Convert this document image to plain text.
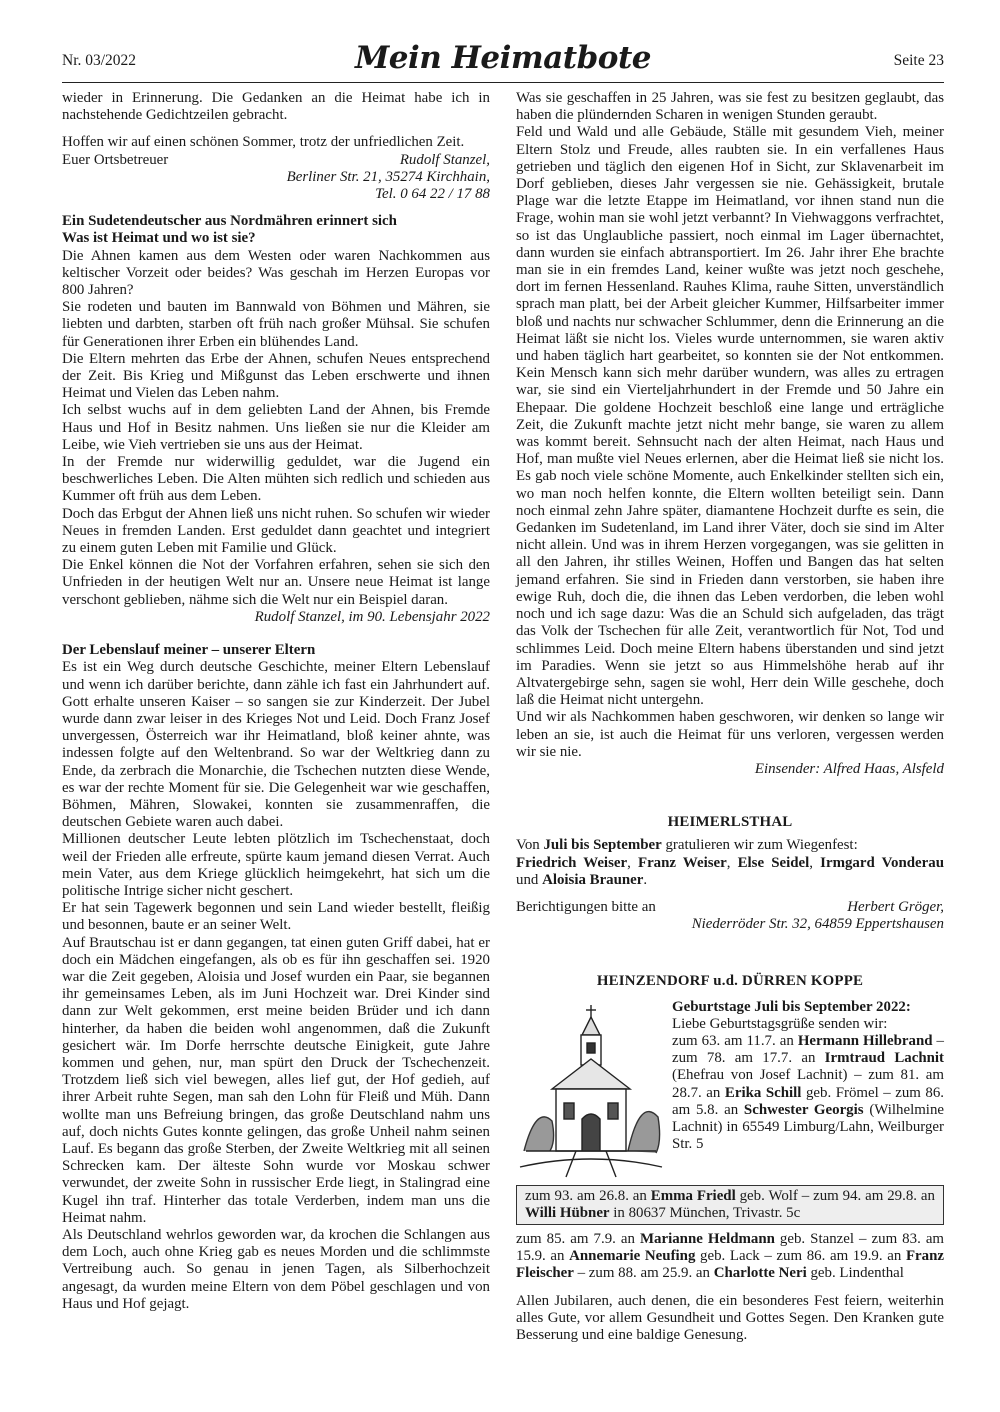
Nr. 03/2022	Mein Heimatbote	Seite 23

wieder in Erinnerung. Die Gedanken an die Heimat habe ich in nachstehende Gedichtzeilen gebracht.

Hoffen wir auf einen schönen Sommer, trotz der unfriedlichen Zeit.

Euer Ortsbetreuer	Rudolf Stanzel,

Berliner Str. 21, 35274 Kirchhain,

Tel. 0 64 22 / 17 88

Ein Sudetendeutscher aus Nordmähren erinnert sich

Was ist Heimat und wo ist sie?

Die Ahnen kamen aus dem Westen oder waren Nachkommen aus keltischer Vorzeit oder beides? Was geschah im Herzen Europas vor 800 Jahren?

Sie rodeten und bauten im Bannwald von Böhmen und Mähren, sie liebten und darbten, starben oft früh nach großer Mühsal. Sie schufen für Generationen ihrer Erben ein blühendes Land.

Die Eltern mehrten das Erbe der Ahnen, schufen Neues entsprechend der Zeit. Bis Krieg und Mißgunst das Leben erschwerte und ihnen Heimat und Vielen das Leben nahm.

Ich selbst wuchs auf in dem geliebten Land der Ahnen, bis Fremde Haus und Hof in Besitz nahmen. Uns ließen sie nur die Kleider am Leibe, wie Vieh vertrieben sie uns aus der Heimat.

In der Fremde nur widerwillig geduldet, war die Jugend ein beschwerliches Leben. Die Alten mühten sich redlich und schieden aus Kummer oft früh aus dem Leben.

Doch das Erbgut der Ahnen ließ uns nicht ruhen. So schufen wir wieder Neues in fremden Landen. Erst geduldet dann geachtet und integriert zu einem guten Leben mit Familie und Glück.

Die Enkel können die Not der Vorfahren erfahren, sehen sie sich den Unfrieden in der heutigen Welt nur an. Unsere neue Heimat ist lange verschont geblieben, nähme sich die Welt nur ein Beispiel daran.

Rudolf Stanzel, im 90. Lebensjahr 2022

Der Lebenslauf meiner – unserer Eltern

Es ist ein Weg durch deutsche Geschichte, meiner Eltern Lebenslauf und wenn ich darüber berichte, dann zähle ich fast ein Jahrhundert auf. Gott erhalte unseren Kaiser – so sangen sie zur Kinderzeit. Der Jubel wurde dann zwar leiser in des Krieges Not und Leid. Doch Franz Josef unvergessen, Österreich war ihr Heimatland, bloß keiner ahnte, was indessen folgte auf den Weltenbrand. So war der Weltkrieg dann zu Ende, da zerbrach die Monarchie, die Tschechen nutzten diese Wende, es war der rechte Moment für sie. Die Gelegenheit war wie geschaffen, Böhmen, Mähren, Slowakei, konnten sie zusammenraffen, die deutschen Gebiete waren auch dabei.

Millionen deutscher Leute lebten plötzlich im Tschechenstaat, doch weil der Frieden alle erfreute, spürte kaum jemand diesen Verrat. Auch mein Vater, aus dem Kriege glücklich heimgekehrt, hat sich um die politische Intrige sicher nicht geschert.

Er hat sein Tagewerk begonnen und sein Land wieder bestellt, fleißig und besonnen, baute er an seiner Welt.

Auf Brautschau ist er dann gegangen, tat einen guten Griff dabei, hat er doch ein Mädchen eingefangen, als ob es für ihn geschaffen sei. 1920 war die Zeit gegeben, Aloisia und Josef wurden ein Paar, sie begannen ihr gemeinsames Leben, als im Juni Hochzeit war. Drei Kinder sind dann zur Welt gekommen, erst meine beiden Brüder und ich dann hinterher, da haben die beiden wohl angenommen, daß die Zukunft gesichert wär. Im Dorfe herrschte deutsche Einigkeit, gute Jahre kommen und gehen, nur, man spürt den Druck der Tschechenzeit. Trotzdem ließ sich viel bewegen, alles lief gut, der Hof gedieh, auf ihrer Arbeit ruhte Segen, man sah den Lohn für Fleiß und Müh. Dann wollte man uns Befreiung bringen, das große Deutschland nahm uns auf, doch nichts Gutes konnte gelingen, das große Unheil nahm seinen Lauf. Es begann das große Sterben, der Zweite Weltkrieg mit all seinen Schrecken kam. Der älteste Sohn wurde vor Moskau schwer verwundet, der zweite Sohn in russischer Erde liegt, in Stalingrad eine Kugel ihn traf. Hinterher das totale Verderben, indem man uns die Heimat nahm.

Als Deutschland wehrlos geworden war, da krochen die Schlangen aus dem Loch, auch ohne Krieg gab es neues Morden und die schlimmste Vertreibung auch. So genau in jenen Tagen, als Silberhochzeit angesagt, da wurden meine Eltern von dem Pöbel geschlagen und von Haus und Hof gejagt.

Was sie geschaffen in 25 Jahren, was sie fest zu besitzen geglaubt, das haben die plündernden Scharen in wenigen Stunden geraubt.

Feld und Wald und alle Gebäude, Ställe mit gesundem Vieh, meiner Eltern Stolz und Freude, alles raubten sie. In ein verfallenes Haus getrieben und täglich den eigenen Hof in Sicht, zur Sklavenarbeit im Dorf geblieben, dieses Jahr vergessen sie nie. Gehässigkeit, brutale Plage war die letzte Etappe im Heimatland, vor ihnen stand nun die Frage, wohin man sie wohl jetzt verbannt? In Viehwaggons verfrachtet, so ist das Unglaubliche passiert, noch einmal im Lager übernachtet, dann wurden sie einfach abtransportiert. Im 26. Jahr ihrer Ehe brachte man sie in ein fremdes Land, keiner wußte was jetzt noch geschehe, dort im fernen Hessenland. Rauhes Klima, rauhe Sitten, unverständlich sprach man platt, bei der Arbeit gleicher Kummer, Hilfsarbeiter immer bloß und nachts nur schwacher Schlummer, denn die Erinnerung an die Heimat läßt sie nicht los. Vieles wurde unternommen, sie waren aktiv und haben täglich hart gearbeitet, so konnten sie der Not entkommen. Kein Mensch kann sich mehr darüber wundern, was alles zu ertragen war, sie sind ein Vierteljahrhundert in der Fremde und 50 Jahre ein Ehepaar. Die goldene Hochzeit beschloß eine lange und erträgliche Zeit, die Zukunft machte jetzt nicht mehr bange, sie waren zu allem was kommt bereit. Sehnsucht nach der alten Heimat, nach Haus und Hof, man mußte viel Neues erlernen, aber die Heimat ließ sie nicht los. Es gab noch viele schöne Momente, auch Enkelkinder stellten sich ein, wo man noch helfen konnte, die Eltern wollten beteiligt sein. Dann noch einmal zehn Jahre später, diamantene Hochzeit durfte es sein, die Gedanken im Sudetenland, im Land ihrer Väter, doch sie sind im Alter nicht allein. Und was in ihrem Herzen vorgegangen, was sie gelitten in all den Jahren, ihr stilles Weinen, Hoffen und Bangen das hat selten jemand erfahren. Sie sind in Frieden dann verstorben, sie haben ihre ewige Ruh, doch die, die ihnen das Leben verdorben, die leben wohl noch und ich sage dazu: Was die an Schuld sich aufgeladen, das trägt das Volk der Tschechen für alle Zeit, verantwortlich für Not, Tod und schlimmes Leid. Doch meine Eltern habens überstanden und sind jetzt im Paradies. Wenn sie jetzt so aus Himmelshöhe herab auf ihr Altvatergebirge sehn, sagen sie wohl, Herr dein Wille geschehe, doch laß die Heimat nicht untergehn.

Und wir als Nachkommen haben geschworen, wir denken so lange wir leben an sie, ist auch die Heimat für uns verloren, vergessen werden wir sie nie.

Einsender: Alfred Haas, Alsfeld

HEIMERLSTHAL

Von Juli bis September gratulieren wir zum Wiegenfest:

Friedrich Weiser, Franz Weiser, Else Seidel, Irmgard Vonderau und Aloisia Brauner.

Berichtigungen bitte an	Herbert Gröger,

Niederröder Str. 32, 64859 Eppertshausen

HEINZENDORF u.d. DÜRREN KOPPE

Geburtstage Juli bis September 2022:

Liebe Geburtstagsgrüße senden wir:

zum 63. am 11.7. an Hermann Hillebrand – zum 78. am 17.7. an Irmtraud Lachnit (Ehefrau von Josef Lachnit) – zum 81. am 28.7. an Erika Schill geb. Frömel – zum 86. am 5.8. an Schwester Georgis (Wilhelmine Lachnit) in 65549 Limburg/Lahn, Weilburger Str. 5

zum 93. am 26.8. an Emma Friedl geb. Wolf – zum 94. am 29.8. an Willi Hübner in 80637 München, Trivastr. 5c

zum 85. am 7.9. an Marianne Heldmann geb. Stanzel – zum 83. am 15.9. an Annemarie Neufing geb. Lack – zum 86. am 19.9. an Franz Fleischer – zum 88. am 25.9. an Charlotte Neri geb. Lindenthal

Allen Jubilaren, auch denen, die ein besonderes Fest feiern, weiterhin alles Gute, vor allem Gesundheit und Gottes Segen. Den Kranken gute Besserung und eine baldige Genesung.
